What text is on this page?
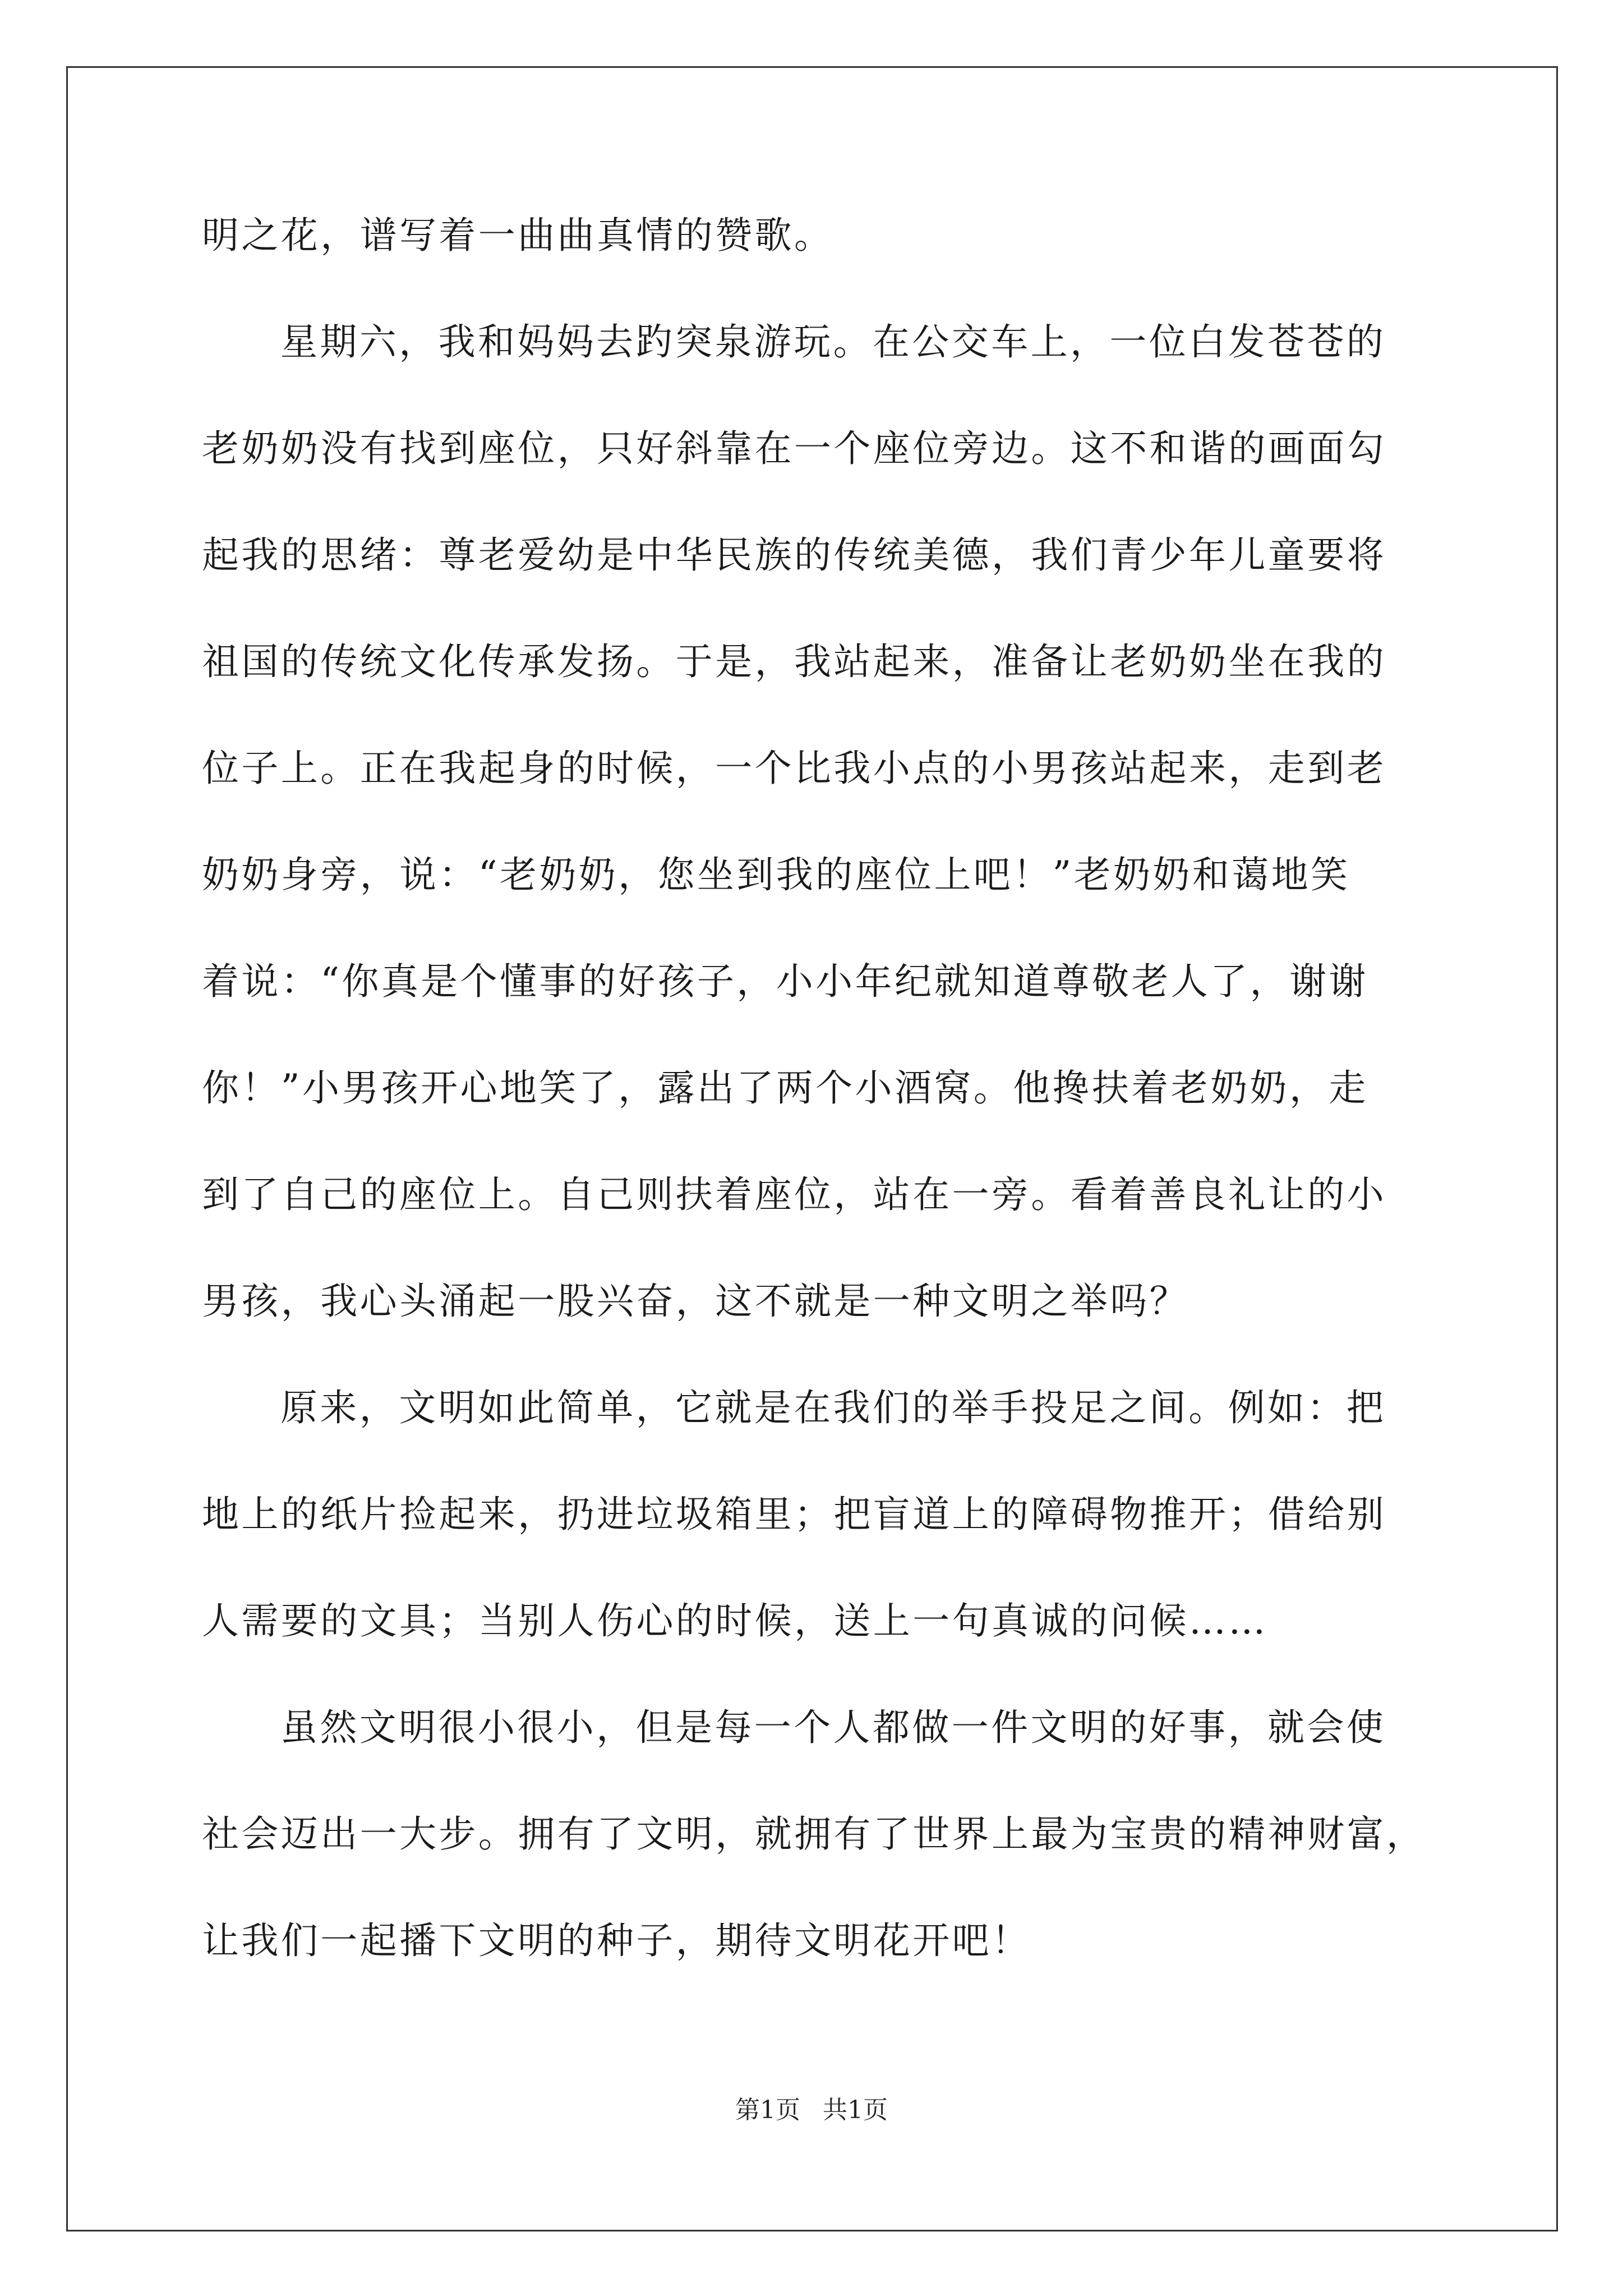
明之花，谱写着一曲曲真情的赞歌。
星期六，我和妈妈去趵突泉游玩。在公交车上，一位白发苍苍的
老奶奶没有找到座位，只好斜靠在一个座位旁边。这不和谐的画面勾
起我的思绪：尊老爱幼是中华民族的传统美德，我们青少年儿童要将
祖国的传统文化传承发扬。于是，我站起来，准备让老奶奶坐在我的
位子上。正在我起身的时候，一个比我小点的小男孩站起来，走到老
奶奶身旁，说：“老奶奶，您坐到我的座位上吧！”老奶奶和蔼地笑
着说：“你真是个懂事的好孩子，小小年纪就知道尊敬老人了，谢谢
你！”小男孩开心地笑了，露出了两个小酒窝。他搀扶着老奶奶，走
到了自己的座位上。自己则扶着座位，站在一旁。看着善良礼让的小
男孩，我心头涌起一股兴奋，这不就是一种文明之举吗？
原来，文明如此简单，它就是在我们的举手投足之间。例如：把
地上的纸片捡起来，扔进垃圾箱里；把盲道上的障碍物推开；借给别
人需要的文具；当别人伤心的时候，送上一句真诚的问候……
虽然文明很小很小，但是每一个人都做一件文明的好事，就会使
社会迈出一大步。拥有了文明，就拥有了世界上最为宝贵的精神财富，
让我们一起播下文明的种子，期待文明花开吧！
第1页 共1页
